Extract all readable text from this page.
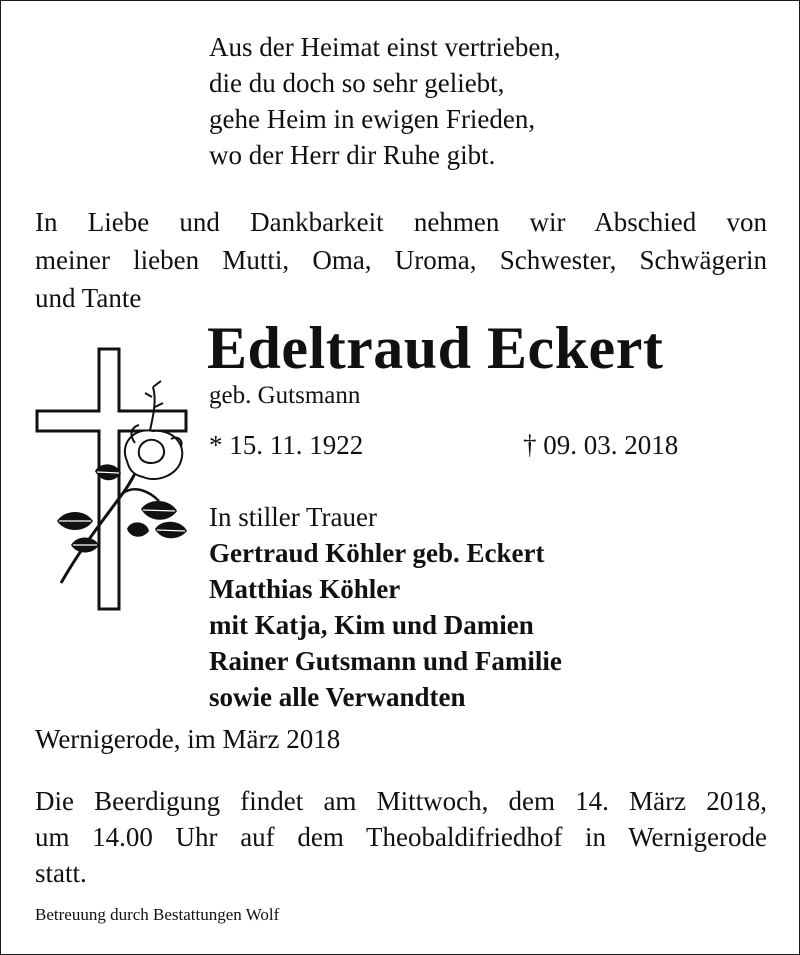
Aus der Heimat einst vertrieben,
die du doch so sehr geliebt,
gehe Heim in ewigen Frieden,
wo der Herr dir Ruhe gibt.
In Liebe und Dankbarkeit nehmen wir Abschied von
meiner lieben Mutti, Oma, Uroma, Schwester, Schwägerin
und Tante
Edeltraud Eckert
geb. Gutsmann
* 15. 11. 1922	† 09. 03. 2018
In stiller Trauer
Gertraud Köhler geb. Eckert
Matthias Köhler
mit Katja, Kim und Damien
Rainer Gutsmann und Familie
sowie alle Verwandten
Wernigerode, im März 2018
Die Beerdigung findet am Mittwoch, dem 14. März 2018,
um 14.00 Uhr auf dem Theobaldifriedhof in Wernigerode
statt.
Betreuung durch Bestattungen Wolf
